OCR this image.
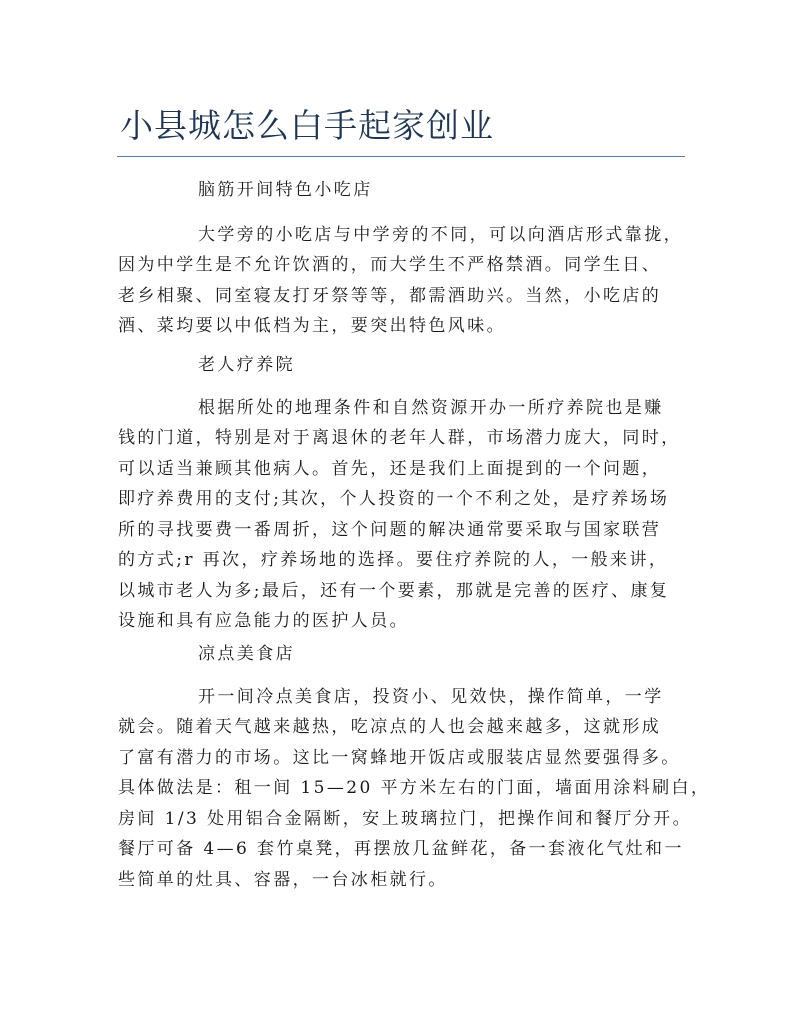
小县城怎么白手起家创业
脑筋开间特色小吃店
大学旁的小吃店与中学旁的不同，可以向酒店形式靠拢，
因为中学生是不允许饮酒的，而大学生不严格禁酒。同学生日、
老乡相聚、同室寝友打牙祭等等，都需酒助兴。当然，小吃店的
酒、菜均要以中低档为主，要突出特色风味。
老人疗养院
根据所处的地理条件和自然资源开办一所疗养院也是赚
钱的门道，特别是对于离退休的老年人群，市场潜力庞大，同时，
可以适当兼顾其他病人。首先，还是我们上面提到的一个问题，
即疗养费用的支付;其次，个人投资的一个不利之处，是疗养场场
所的寻找要费一番周折，这个问题的解决通常要采取与国家联营
的方式;r 再次，疗养场地的选择。要住疗养院的人，一般来讲，
以城市老人为多;最后，还有一个要素，那就是完善的医疗、康复
设施和具有应急能力的医护人员。
凉点美食店
开一间冷点美食店，投资小、见效快，操作简单，一学
就会。随着天气越来越热，吃凉点的人也会越来越多，这就形成
了富有潜力的市场。这比一窝蜂地开饭店或服装店显然要强得多。
具体做法是：租一间 15—20 平方米左右的门面，墙面用涂料刷白，
房间 1/3 处用铝合金隔断，安上玻璃拉门，把操作间和餐厅分开。
餐厅可备 4—6 套竹桌凳，再摆放几盆鲜花，备一套液化气灶和一
些简单的灶具、容器，一台冰柜就行。
